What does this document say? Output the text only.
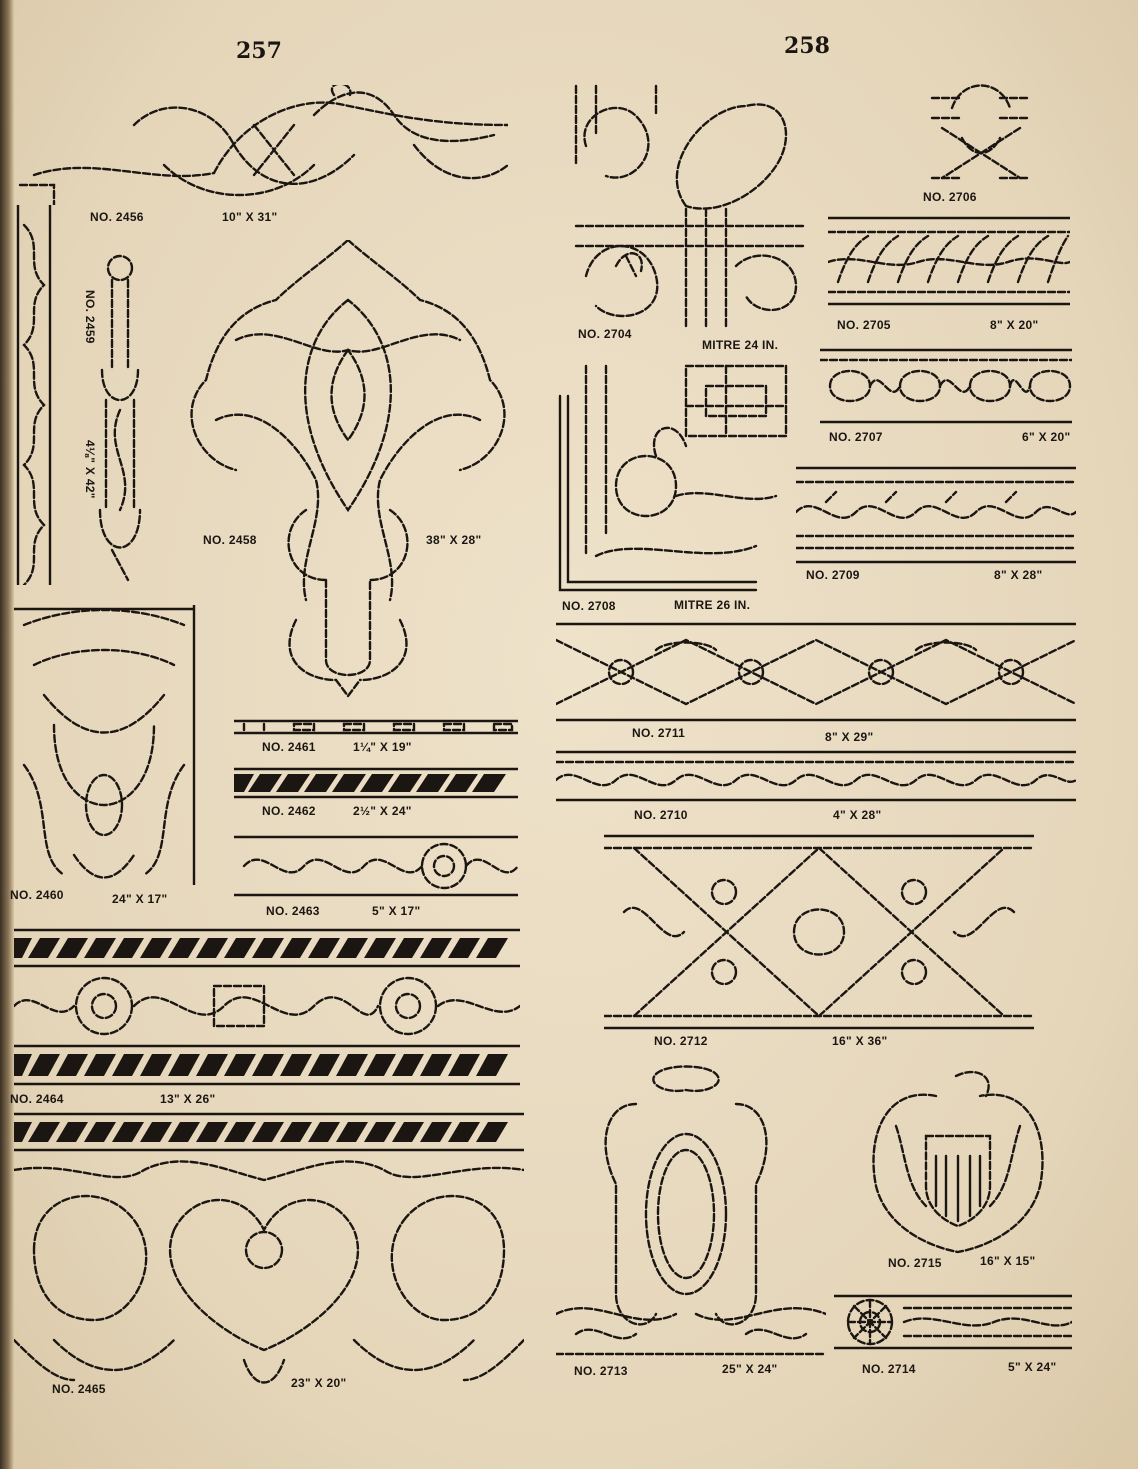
257	258
NO. 2456	10" X 31"
NO. 2459
4⅛" X 42"
NO. 2458	38" X 28"
NO. 2460	24" X 17"
NO. 2461	1¼" X 19"
NO. 2462	2½" X 24"
NO. 2463	5" X 17"
NO. 2464	13" X 26"
NO. 2465	23" X 20"
NO. 2704
MITRE 24 IN.
NO. 2706
NO. 2705	8" X 20"
NO. 2707	6" X 20"
NO. 2708	MITRE 26 IN.
NO. 2709	8" X 28"
NO. 2711	8" X 29"
NO. 2710	4" X 28"
NO. 2712	16" X 36"
NO. 2715	16" X 15"
NO. 2713	25" X 24"	NO. 2714	5" X 24"
